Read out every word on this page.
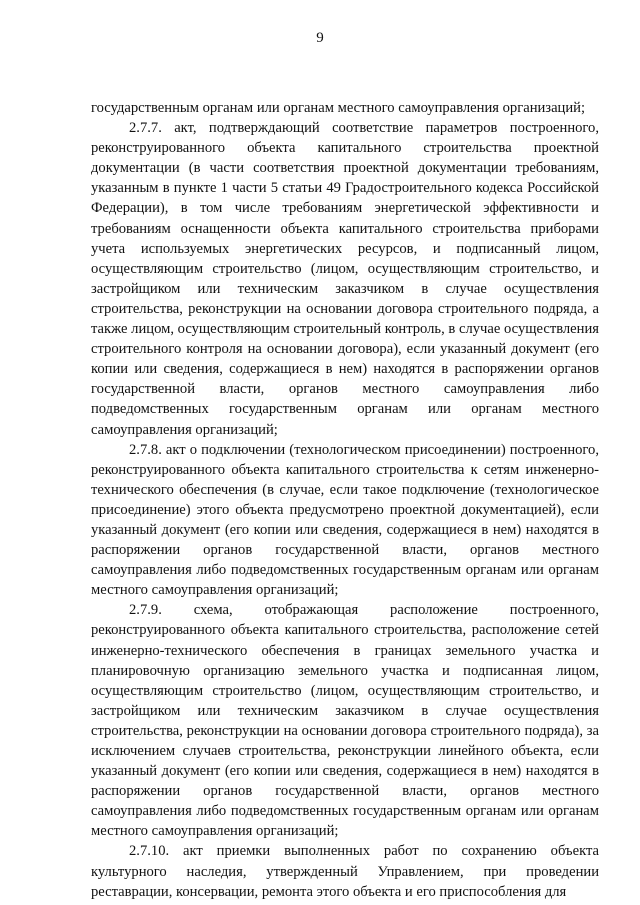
9

государственным органам или органам местного самоуправления организаций;

2.7.7. акт, подтверждающий соответствие параметров построенного, реконструированного объекта капитального строительства проектной документации (в части соответствия проектной документации требованиям, указанным в пункте 1 части 5 статьи 49 Градостроительного кодекса Российской Федерации), в том числе требованиям энергетической эффективности и требованиям оснащенности объекта капитального строительства приборами учета используемых энергетических ресурсов, и подписанный лицом, осуществляющим строительство (лицом, осуществляющим строительство, и застройщиком или техническим заказчиком в случае осуществления строительства, реконструкции на основании договора строительного подряда, а также лицом, осуществляющим строительный контроль, в случае осуществления строительного контроля на основании договора), если указанный документ (его копии или сведения, содержащиеся в нем) находятся в распоряжении органов государственной власти, органов местного самоуправления либо подведомственных государственным органам или органам местного самоуправления организаций;

2.7.8. акт о подключении (технологическом присоединении) построенного, реконструированного объекта капитального строительства к сетям инженерно-технического обеспечения (в случае, если такое подключение (технологическое присоединение) этого объекта предусмотрено проектной документацией), если указанный документ (его копии или сведения, содержащиеся в нем) находятся в распоряжении органов государственной власти, органов местного самоуправления либо подведомственных государственным органам или органам местного самоуправления организаций;

2.7.9. схема, отображающая расположение построенного, реконструированного объекта капитального строительства, расположение сетей инженерно-технического обеспечения в границах земельного участка и планировочную организацию земельного участка и подписанная лицом, осуществляющим строительство (лицом, осуществляющим строительство, и застройщиком или техническим заказчиком в случае осуществления строительства, реконструкции на основании договора строительного подряда), за исключением случаев строительства, реконструкции линейного объекта, если указанный документ (его копии или сведения, содержащиеся в нем) находятся в распоряжении органов государственной власти, органов местного самоуправления либо подведомственных государственным органам или органам местного самоуправления организаций;

2.7.10. акт приемки выполненных работ по сохранению объекта культурного наследия, утвержденный Управлением, при проведении реставрации, консервации, ремонта этого объекта и его приспособления для
